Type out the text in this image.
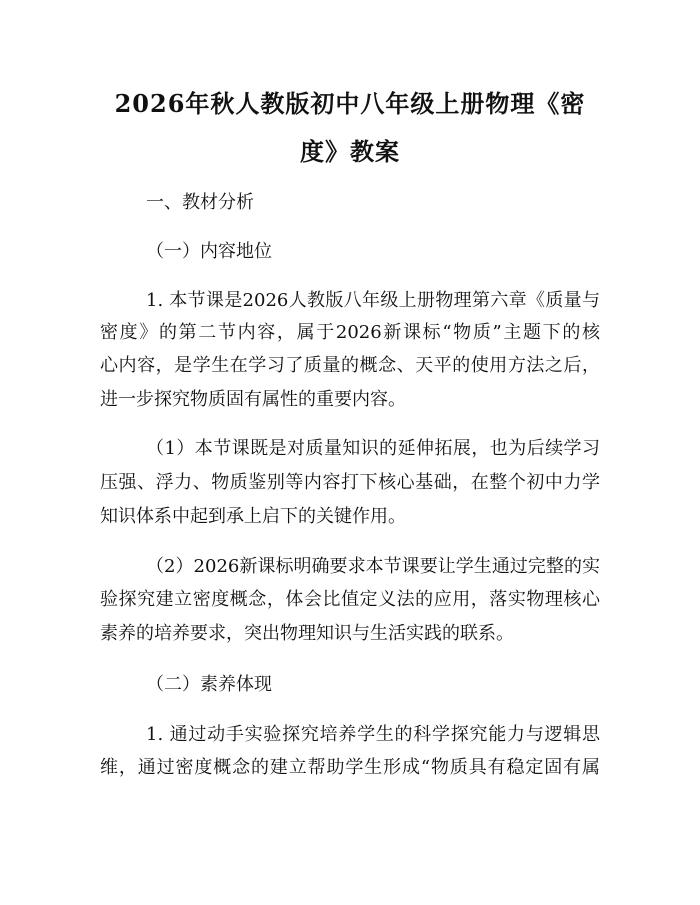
2026年秋人教版初中八年级上册物理《密
度》教案
一、教材分析
（一）内容地位
1. 本节课是2026人教版八年级上册物理第六章《质量与
密度》的第二节内容，属于2026新课标“物质”主题下的核
心内容，是学生在学习了质量的概念、天平的使用方法之后，
进一步探究物质固有属性的重要内容。
（1）本节课既是对质量知识的延伸拓展，也为后续学习
压强、浮力、物质鉴别等内容打下核心基础，在整个初中力学
知识体系中起到承上启下的关键作用。
（2）2026新课标明确要求本节课要让学生通过完整的实
验探究建立密度概念，体会比值定义法的应用，落实物理核心
素养的培养要求，突出物理知识与生活实践的联系。
（二）素养体现
1. 通过动手实验探究培养学生的科学探究能力与逻辑思
维，通过密度概念的建立帮助学生形成“物质具有稳定固有属
